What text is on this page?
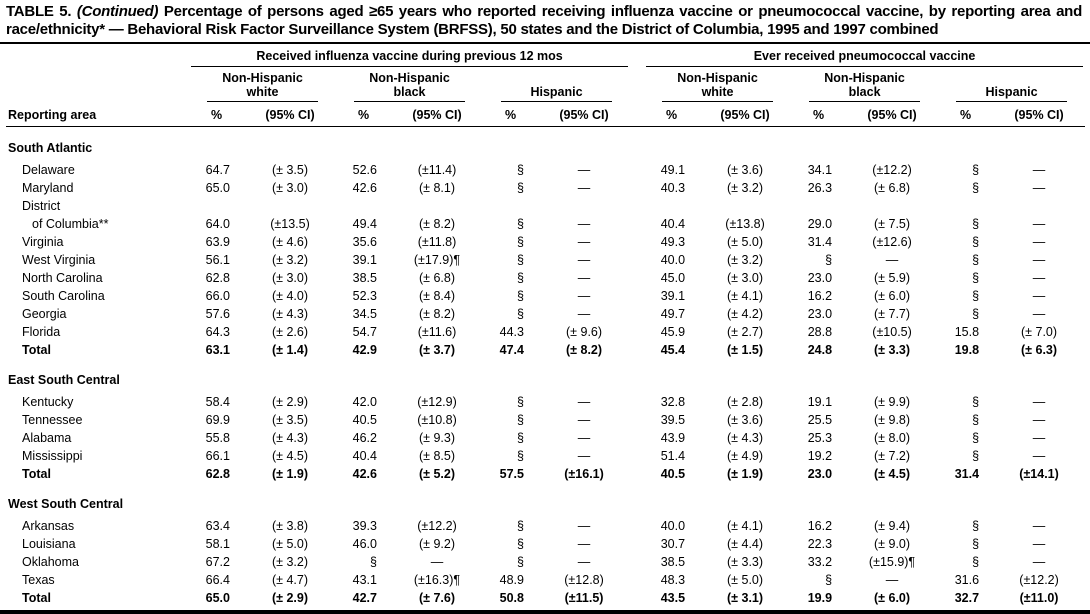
TABLE 5. (Continued) Percentage of persons aged ≥65 years who reported receiving influenza vaccine or pneumococcal vaccine, by reporting area and race/ethnicity* — Behavioral Risk Factor Surveillance System (BRFSS), 50 states and the District of Columbia, 1995 and 1997 combined

	Received influenza vaccine during previous 12 mos							Ever received pneumococcal vaccine					

	Non-Hispanic white		Non-Hispanic black		Hispanic			Non-Hispanic white		Non-Hispanic black		Hispanic	

Reporting area	%	(95% CI)	%	(95% CI)	%	(95% CI)		%	(95% CI)	%	(95% CI)	%	(95% CI)
South Atlantic													
Delaware	64.7	(± 3.5)	52.6	(±11.4)	§	—		49.1	(± 3.6)	34.1	(±12.2)	§	—
Maryland	65.0	(± 3.0)	42.6	(± 8.1)	§	—		40.3	(± 3.2)	26.3	(± 6.8)	§	—
District													
of Columbia**	64.0	(±13.5)	49.4	(± 8.2)	§	—		40.4	(±13.8)	29.0	(± 7.5)	§	—
Virginia	63.9	(± 4.6)	35.6	(±11.8)	§	—		49.3	(± 5.0)	31.4	(±12.6)	§	—
West Virginia	56.1	(± 3.2)	39.1	(±17.9)¶	§	—		40.0	(± 3.2)	§	—	§	—
North Carolina	62.8	(± 3.0)	38.5	(± 6.8)	§	—		45.0	(± 3.0)	23.0	(± 5.9)	§	—
South Carolina	66.0	(± 4.0)	52.3	(± 8.4)	§	—		39.1	(± 4.1)	16.2	(± 6.0)	§	—
Georgia	57.6	(± 4.3)	34.5	(± 8.2)	§	—		49.7	(± 4.2)	23.0	(± 7.7)	§	—
Florida	64.3	(± 2.6)	54.7	(±11.6)	44.3	(± 9.6)		45.9	(± 2.7)	28.8	(±10.5)	15.8	(± 7.0)
Total	63.1	(± 1.4)	42.9	(± 3.7)	47.4	(± 8.2)		45.4	(± 1.5)	24.8	(± 3.3)	19.8	(± 6.3)
East South Central													
Kentucky	58.4	(± 2.9)	42.0	(±12.9)	§	—		32.8	(± 2.8)	19.1	(± 9.9)	§	—
Tennessee	69.9	(± 3.5)	40.5	(±10.8)	§	—		39.5	(± 3.6)	25.5	(± 9.8)	§	—
Alabama	55.8	(± 4.3)	46.2	(± 9.3)	§	—		43.9	(± 4.3)	25.3	(± 8.0)	§	—
Mississippi	66.1	(± 4.5)	40.4	(± 8.5)	§	—		51.4	(± 4.9)	19.2	(± 7.2)	§	—
Total	62.8	(± 1.9)	42.6	(± 5.2)	57.5	(±16.1)		40.5	(± 1.9)	23.0	(± 4.5)	31.4	(±14.1)
West South Central													
Arkansas	63.4	(± 3.8)	39.3	(±12.2)	§	—		40.0	(± 4.1)	16.2	(± 9.4)	§	—
Louisiana	58.1	(± 5.0)	46.0	(± 9.2)	§	—		30.7	(± 4.4)	22.3	(± 9.0)	§	—
Oklahoma	67.2	(± 3.2)	§	—	§	—		38.5	(± 3.3)	33.2	(±15.9)¶	§	—
Texas	66.4	(± 4.7)	43.1	(±16.3)¶	48.9	(±12.8)		48.3	(± 5.0)	§	—	31.6	(±12.2)
Total	65.0	(± 2.9)	42.7	(± 7.6)	50.8	(±11.5)		43.5	(± 3.1)	19.9	(± 6.0)	32.7	(±11.0)
